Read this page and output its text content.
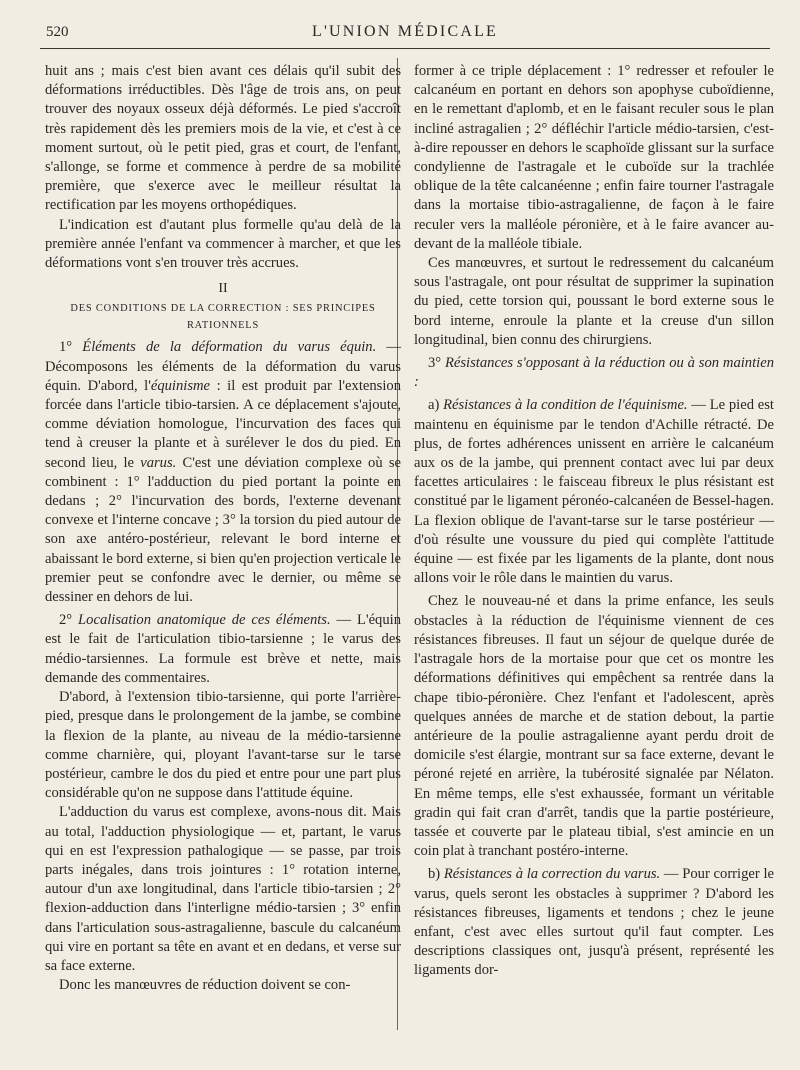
520	L'UNION MÉDICALE

huit ans ; mais c'est bien avant ces délais qu'il subit des déformations irréductibles. Dès l'âge de trois ans, on peut trouver des noyaux osseux déjà déformés. Le pied s'accroît très rapidement dès les premiers mois de la vie, et c'est à ce moment surtout, où le petit pied, gras et court, de l'enfant, s'allonge, se forme et commence à perdre de sa mobilité première, que s'exerce avec le meilleur résultat la rectification par les moyens orthopédiques.

L'indication est d'autant plus formelle qu'au delà de la première année l'enfant va commencer à marcher, et que les déformations vont s'en trouver très accrues.

II
DES CONDITIONS DE LA CORRECTION : SES PRINCIPES RATIONNELS

1° Éléments de la déformation du varus équin. — Décomposons les éléments de la déformation du varus équin. D'abord, l'équinisme : il est produit par l'extension forcée dans l'article tibio-tarsien. A ce déplacement s'ajoute, comme déviation homologue, l'incurvation des faces qui tend à creuser la plante et à surélever le dos du pied. En second lieu, le varus. C'est une déviation complexe où se combinent : 1° l'adduction du pied portant la pointe en dedans ; 2° l'incurvation des bords, l'externe devenant convexe et l'interne concave ; 3° la torsion du pied autour de son axe antéro-postérieur, relevant le bord interne et abaissant le bord externe, si bien qu'en projection verticale le premier peut se confondre avec le dernier, ou même se dessiner en dehors de lui.

2° Localisation anatomique de ces éléments. — L'équin est le fait de l'articulation tibio-tarsienne ; le varus des médio-tarsiennes. La formule est brève et nette, mais demande des commentaires.

D'abord, à l'extension tibio-tarsienne, qui porte l'arrière-pied, presque dans le prolongement de la jambe, se combine la flexion de la plante, au niveau de la médio-tarsienne comme charnière, qui, ployant l'avant-tarse sur le tarse postérieur, cambre le dos du pied et entre pour une part plus considérable qu'on ne suppose dans l'attitude équine.

L'adduction du varus est complexe, avons-nous dit. Mais au total, l'adduction physiologique — et, partant, le varus qui en est l'expression pathalogique — se passe, par trois parts inégales, dans trois jointures : 1° rotation interne, autour d'un axe longitudinal, dans l'article tibio-tarsien ; 2° flexion-adduction dans l'interligne médio-tarsien ; 3° enfin dans l'articulation sous-astragalienne, bascule du calcanéum qui vire en portant sa tête en avant et en dedans, et verse sur sa face externe.

Donc les manœuvres de réduction doivent se con-

former à ce triple déplacement : 1° redresser et refouler le calcanéum en portant en dehors son apophyse cuboïdienne, en le remettant d'aplomb, et en le faisant reculer sous le plan incliné astragalien ; 2° défléchir l'article médio-tarsien, c'est-à-dire repousser en dehors le scaphoïde glissant sur la surface condylienne de l'astragale et le cuboïde sur la trachlée oblique de la tête calcanéenne ; enfin faire tourner l'astragale dans la mortaise tibio-astragalienne, de façon à le faire reculer vers la malléole péronière, et à le faire avancer au-devant de la malléole tibiale.

Ces manœuvres, et surtout le redressement du calcanéum sous l'astragale, ont pour résultat de supprimer la supination du pied, cette torsion qui, poussant le bord externe sous le bord interne, enroule la plante et la creuse d'un sillon longitudinal, bien connu des chirurgiens.

3° Résistances s'opposant à la réduction ou à son maintien :

a) Résistances à la condition de l'équinisme. — Le pied est maintenu en équinisme par le tendon d'Achille rétracté. De plus, de fortes adhérences unissent en arrière le calcanéum aux os de la jambe, qui prennent contact avec lui par deux facettes articulaires : le faisceau fibreux le plus résistant est constitué par le ligament péronéo-calcanéen de Bessel-hagen. La flexion oblique de l'avant-tarse sur le tarse postérieur — d'où résulte une voussure du pied qui complète l'attitude équine — est fixée par les ligaments de la plante, dont nous allons voir le rôle dans le maintien du varus.

Chez le nouveau-né et dans la prime enfance, les seuls obstacles à la réduction de l'équinisme viennent de ces résistances fibreuses. Il faut un séjour de quelque durée de l'astragale hors de la mortaise pour que cet os montre les déformations définitives qui empêchent sa rentrée dans la chape tibio-péronière. Chez l'enfant et l'adolescent, après quelques années de marche et de station debout, la partie antérieure de la poulie astragalienne ayant perdu droit de domicile s'est élargie, montrant sur sa face externe, devant le péroné rejeté en arrière, la tubérosité signalée par Nélaton. En même temps, elle s'est exhaussée, formant un véritable gradin qui fait cran d'arrêt, tandis que la partie postérieure, tassée et couverte par le plateau tibial, s'est amincie en un coin plat à tranchant postéro-interne.

b) Résistances à la correction du varus. — Pour corriger le varus, quels seront les obstacles à supprimer ? D'abord les résistances fibreuses, ligaments et tendons ; chez le jeune enfant, c'est avec elles surtout qu'il faut compter. Les descriptions classiques ont, jusqu'à présent, représenté les ligaments dor-
